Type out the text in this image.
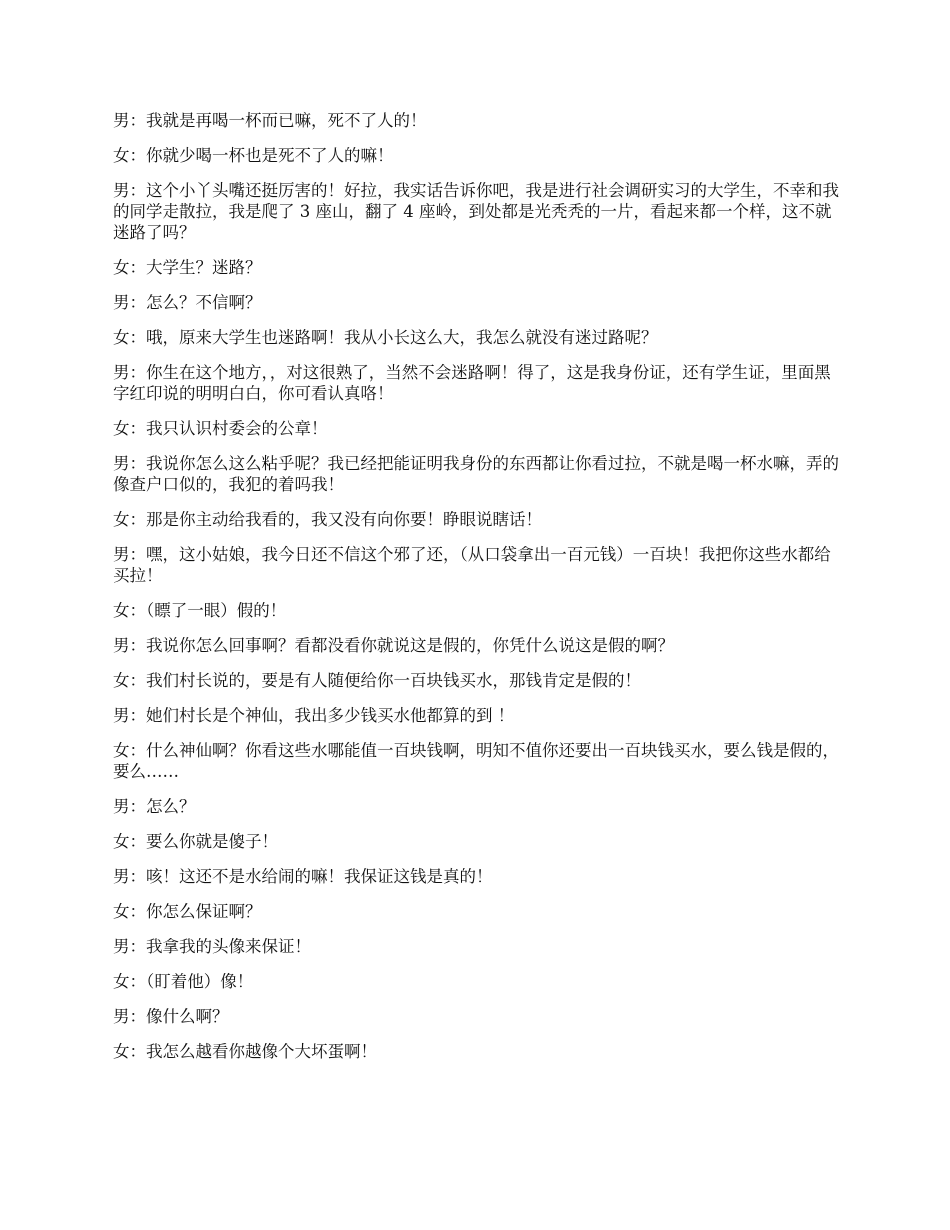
男：我就是再喝一杯而已嘛，死不了人的！

女：你就少喝一杯也是死不了人的嘛！

男：这个小丫头嘴还挺厉害的！好拉，我实话告诉你吧，我是进行社会调研实习的大学生，不幸和我的同学走散拉，我是爬了 3 座山，翻了 4 座岭，到处都是光秃秃的一片，看起来都一个样，这不就迷路了吗？

女：大学生？迷路？

男：怎么？不信啊？

女：哦，原来大学生也迷路啊！我从小长这么大，我怎么就没有迷过路呢？

男：你生在这个地方，，对这很熟了，当然不会迷路啊！得了，这是我身份证，还有学生证，里面黑字红印说的明明白白，你可看认真咯！

女：我只认识村委会的公章！

男：我说你怎么这么粘乎呢？我已经把能证明我身份的东西都让你看过拉，不就是喝一杯水嘛，弄的像查户口似的，我犯的着吗我！

女：那是你主动给我看的，我又没有向你要！睁眼说瞎话！

男：嘿，这小姑娘，我今日还不信这个邪了还，（从口袋拿出一百元钱）一百块！我把你这些水都给买拉！

女：（瞟了一眼）假的！

男：我说你怎么回事啊？看都没看你就说这是假的，你凭什么说这是假的啊？

女：我们村长说的，要是有人随便给你一百块钱买水，那钱肯定是假的！

男：她们村长是个神仙，我出多少钱买水他都算的到 ！

女：什么神仙啊？你看这些水哪能值一百块钱啊，明知不值你还要出一百块钱买水，要么钱是假的，要么……

男：怎么？

女：要么你就是傻子！

男：咳！这还不是水给闹的嘛！我保证这钱是真的！

女：你怎么保证啊？

男：我拿我的头像来保证！

女：（盯着他）像！

男：像什么啊？

女：我怎么越看你越像个大坏蛋啊！
